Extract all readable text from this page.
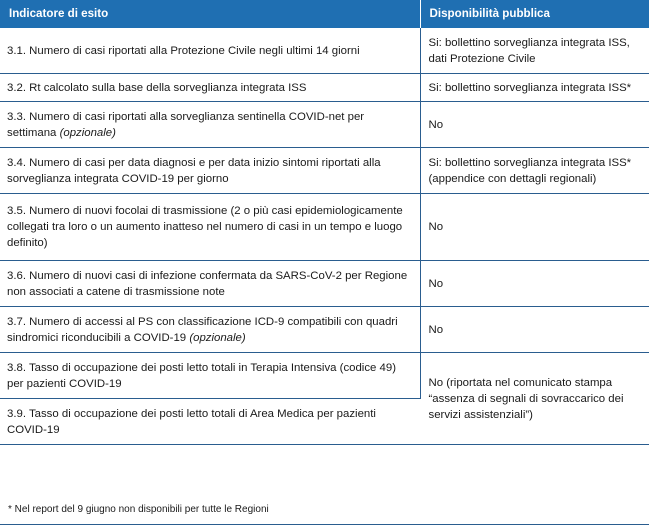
Indicatore di esito	Disponibilità pubblica
3.1. Numero di casi riportati alla Protezione Civile negli ultimi 14 giorni	Si: bollettino sorveglianza integrata ISS, dati Protezione Civile
3.2. Rt calcolato sulla base della sorveglianza integrata ISS	Si: bollettino sorveglianza integrata ISS*
3.3. Numero di casi riportati alla sorveglianza sentinella COVID-net per settimana (opzionale)	No
3.4. Numero di casi per data diagnosi e per data inizio sintomi riportati alla sorveglianza integrata COVID-19 per giorno	Si: bollettino sorveglianza integrata ISS* (appendice con dettagli regionali)
3.5. Numero di nuovi focolai di trasmissione (2 o più casi epidemiologicamente collegati tra loro o un aumento inatteso nel numero di casi in un tempo e luogo definito)	No
3.6. Numero di nuovi casi di infezione confermata da SARS-CoV-2 per Regione non associati a catene di trasmissione note	No
3.7. Numero di accessi al PS con classificazione ICD-9 compatibili con quadri sindromici riconducibili a COVID-19 (opzionale)	No
3.8. Tasso di occupazione dei posti letto totali in Terapia Intensiva (codice 49) per pazienti COVID-19	No (riportata nel comunicato stampa “assenza di segnali di sovraccarico dei servizi assistenziali”)
3.9. Tasso di occupazione dei posti letto totali di Area Medica per pazienti COVID-19	
* Nel report del 9 giugno non disponibili per tutte le Regioni
